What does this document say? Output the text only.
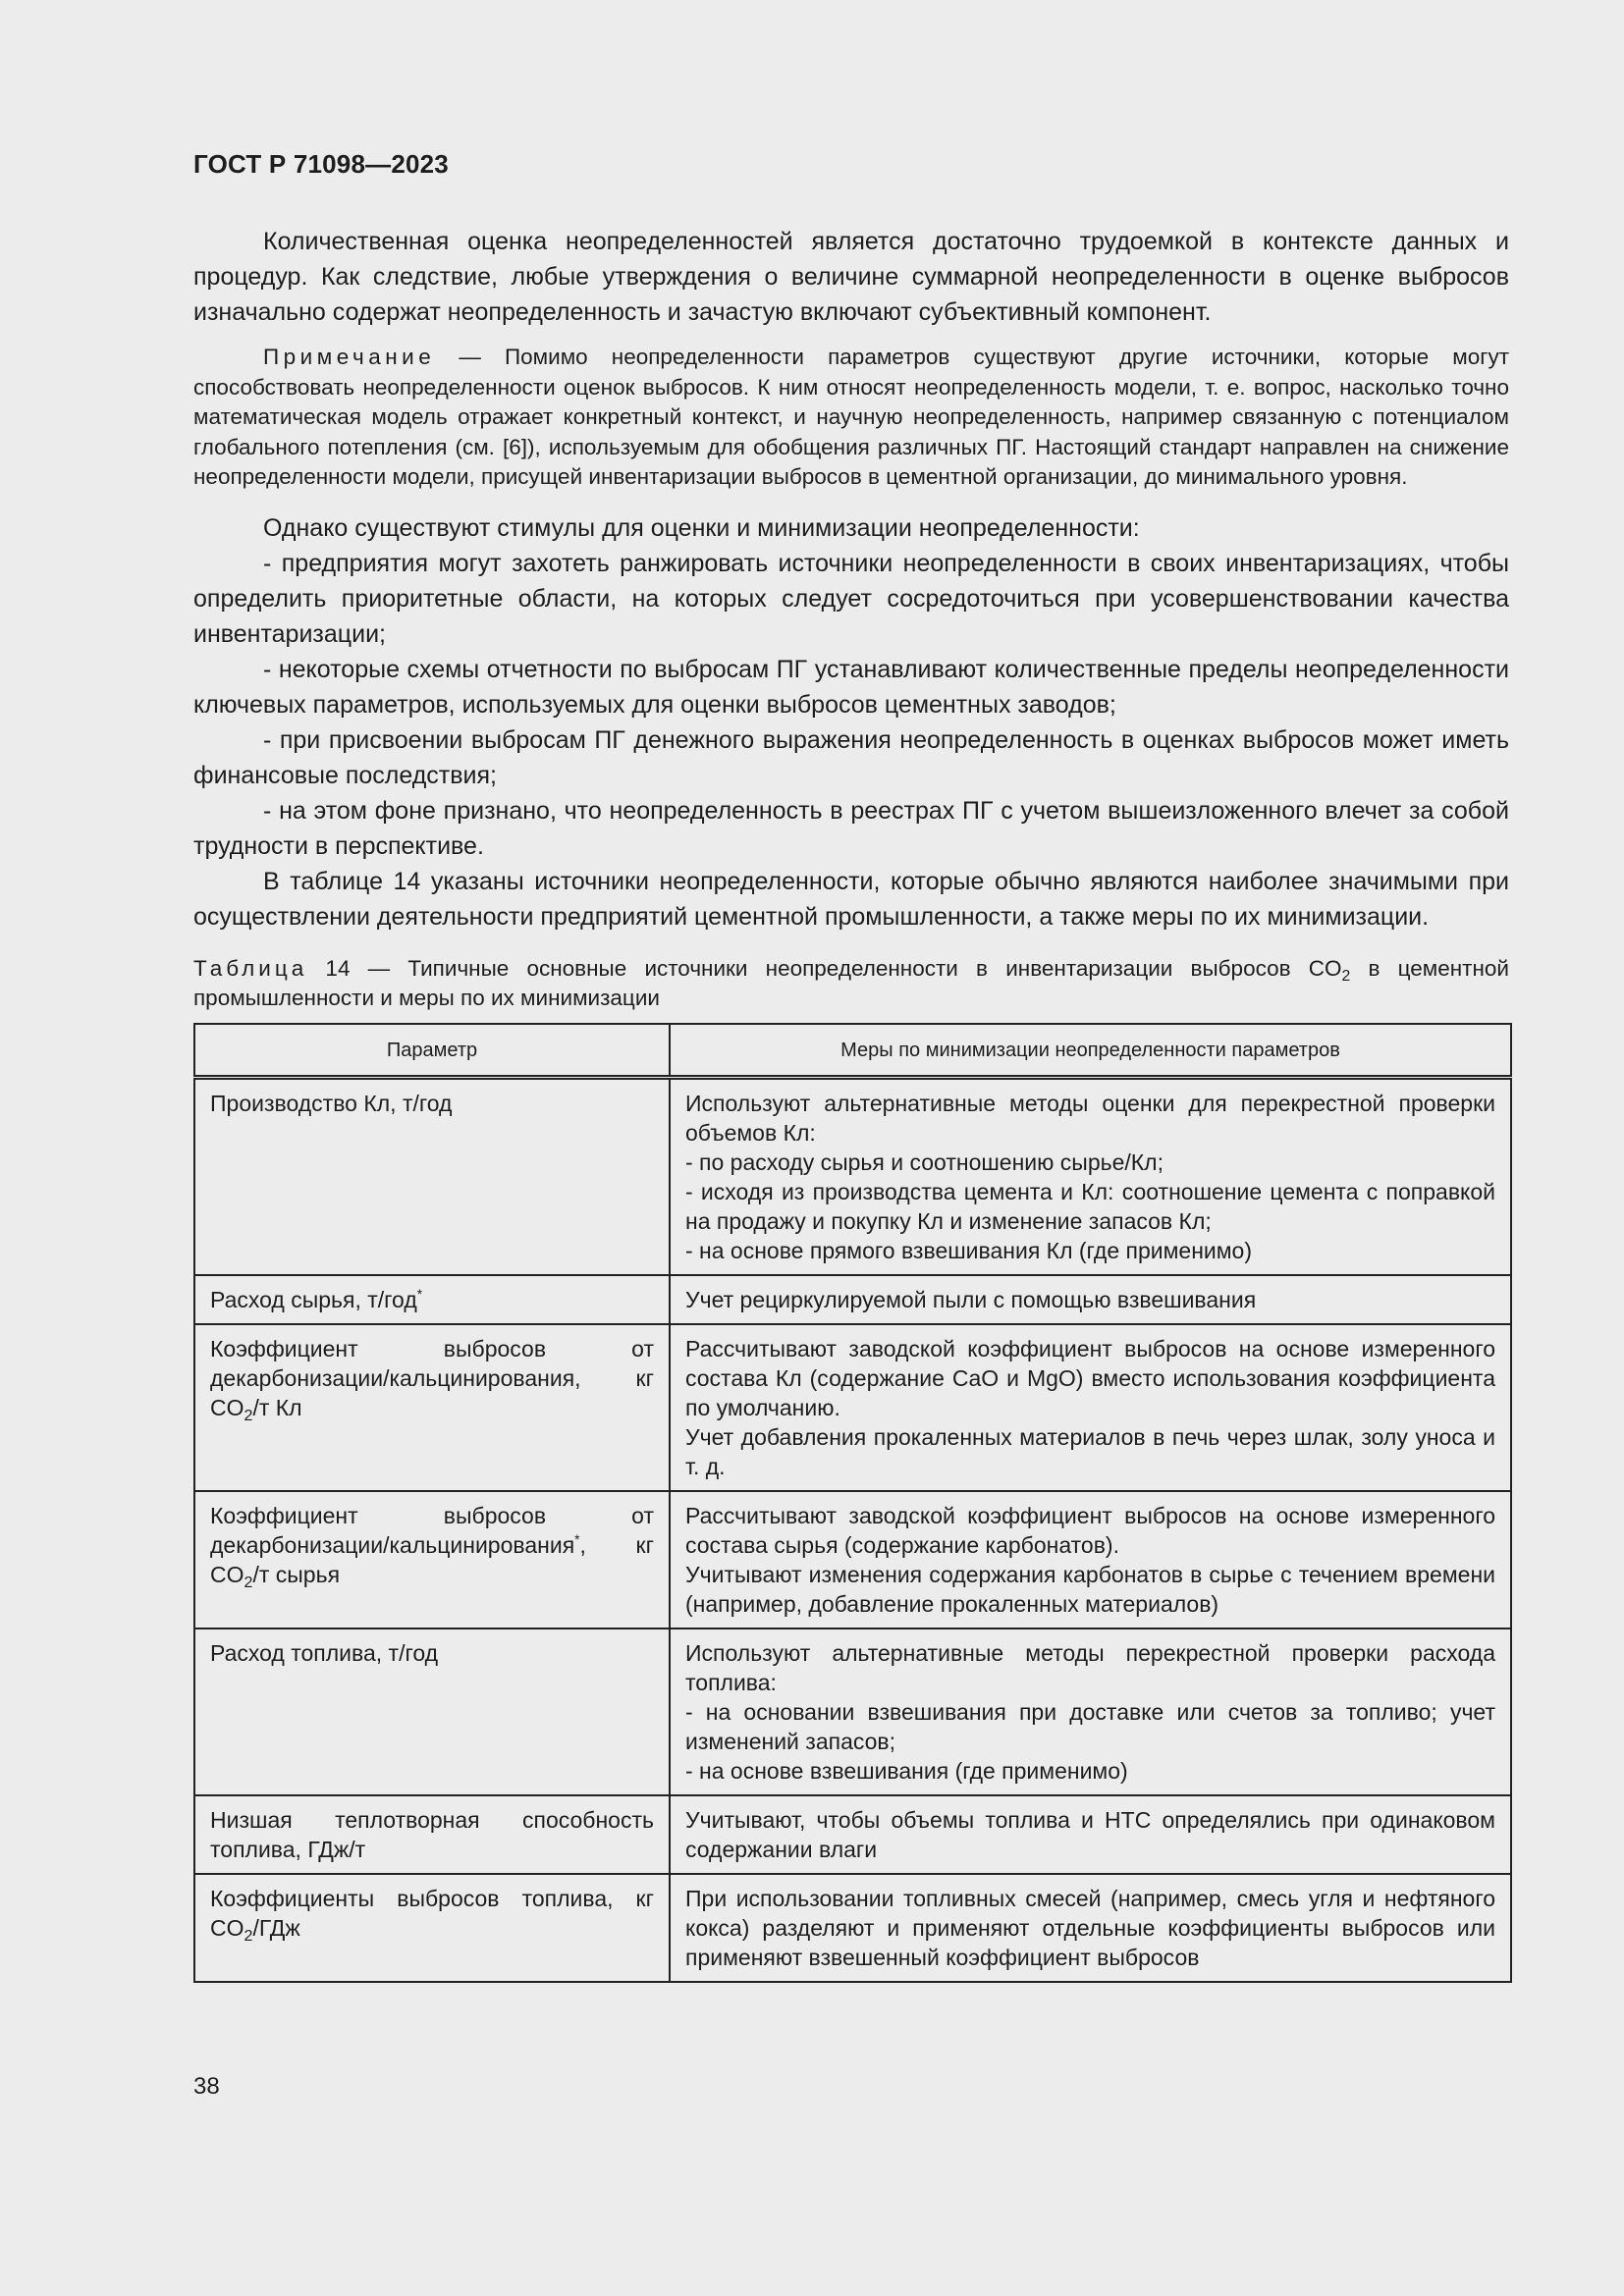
ГОСТ Р 71098—2023

Количественная оценка неопределенностей является достаточно трудоемкой в контексте данных и процедур. Как следствие, любые утверждения о величине суммарной неопределенности в оценке выбросов изначально содержат неопределенность и зачастую включают субъективный компонент.

Примечание — Помимо неопределенности параметров существуют другие источники, которые могут способствовать неопределенности оценок выбросов. К ним относят неопределенность модели, т. е. вопрос, насколько точно математическая модель отражает конкретный контекст, и научную неопределенность, например связанную с потенциалом глобального потепления (см. [6]), используемым для обобщения различных ПГ. Настоящий стандарт направлен на снижение неопределенности модели, присущей инвентаризации выбросов в цементной организации, до минимального уровня.

Однако существуют стимулы для оценки и минимизации неопределенности:

- предприятия могут захотеть ранжировать источники неопределенности в своих инвентаризациях, чтобы определить приоритетные области, на которых следует сосредоточиться при усовершенствовании качества инвентаризации;

- некоторые схемы отчетности по выбросам ПГ устанавливают количественные пределы неопределенности ключевых параметров, используемых для оценки выбросов цементных заводов;

- при присвоении выбросам ПГ денежного выражения неопределенность в оценках выбросов может иметь финансовые последствия;

- на этом фоне признано, что неопределенность в реестрах ПГ с учетом вышеизложенного влечет за собой трудности в перспективе.

В таблице 14 указаны источники неопределенности, которые обычно являются наиболее значимыми при осуществлении деятельности предприятий цементной промышленности, а также меры по их минимизации.

Таблица 14 — Типичные основные источники неопределенности в инвентаризации выбросов $CO_2$ в цементной промышленности и меры по их минимизации

Параметр	Меры по минимизации неопределенности параметров
Производство Кл, т/год	Используют альтернативные методы оценки для перекрестной проверки объемов Кл:
- по расходу сырья и соотношению сырье/Кл;
- исходя из производства цемента и Кл: соотношение цемента с поправкой на продажу и покупку Кл и изменение запасов Кл;
- на основе прямого взвешивания Кл (где применимо)

Расход сырья, т/год*	Учет рециркулируемой пыли с помощью взвешивания

Коэффициент выбросов от декарбонизации/кальцинирования, кг $CO_2/т$ Кл	Рассчитывают заводской коэффициент выбросов на основе измеренного состава Кл (содержание CaO и MgO) вместо использования коэффициента по умолчанию.
Учет добавления прокаленных материалов в печь через шлак, золу уноса и т. д.

Коэффициент выбросов от декарбонизации/кальцинирования*, кг $CO_2/т$ сырья	Рассчитывают заводской коэффициент выбросов на основе измеренного состава сырья (содержание карбонатов).
Учитывают изменения содержания карбонатов в сырье с течением времени (например, добавление прокаленных материалов)

Расход топлива, т/год	Используют альтернативные методы перекрестной проверки расхода топлива:
- на основании взвешивания при доставке или счетов за топливо; учет изменений запасов;
- на основе взвешивания (где применимо)

Низшая теплотворная способность топлива, ГДж/т	Учитывают, чтобы объемы топлива и НТС определялись при одинаковом содержании влаги

Коэффициенты выбросов топлива, кг $CO_2$/ГДж	При использовании топливных смесей (например, смесь угля и нефтяного кокса) разделяют и применяют отдельные коэффициенты выбросов или применяют взвешенный коэффициент выбросов
38
